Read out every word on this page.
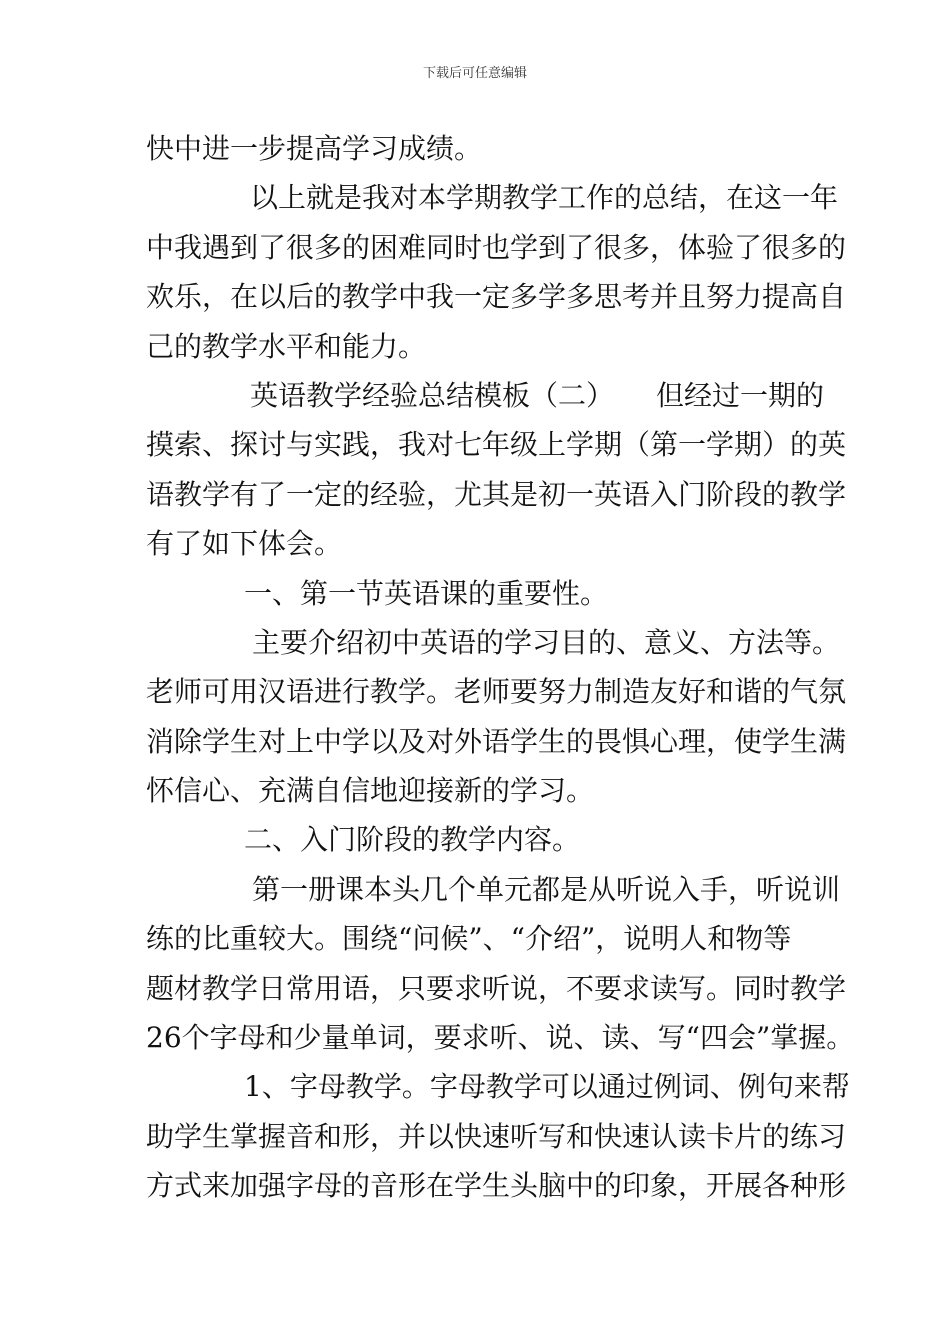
下载后可任意编辑
快中进一步提高学习成绩。
以上就是我对本学期教学工作的总结，在这一年
中我遇到了很多的困难同时也学到了很多，体验了很多的
欢乐，在以后的教学中我一定多学多思考并且努力提高自
己的教学水平和能力。
英语教学经验总结模板（二）　　但经过一期的
摸索、探讨与实践，我对七年级上学期（第一学期）的英
语教学有了一定的经验，尤其是初一英语入门阶段的教学
有了如下体会。
一、第一节英语课的重要性。
主要介绍初中英语的学习目的、意义、方法等。
老师可用汉语进行教学。老师要努力制造友好和谐的气氛
消除学生对上中学以及对外语学生的畏惧心理，使学生满
怀信心、充满自信地迎接新的学习。
二、入门阶段的教学内容。
第一册课本头几个单元都是从听说入手，听说训
练的比重较大。围绕“问候”、“介绍”，说明人和物等
题材教学日常用语，只要求听说，不要求读写。同时教学
26个字母和少量单词，要求听、说、读、写“四会”掌握。
1、字母教学。字母教学可以通过例词、例句来帮
助学生掌握音和形，并以快速听写和快速认读卡片的练习
方式来加强字母的音形在学生头脑中的印象，开展各种形
